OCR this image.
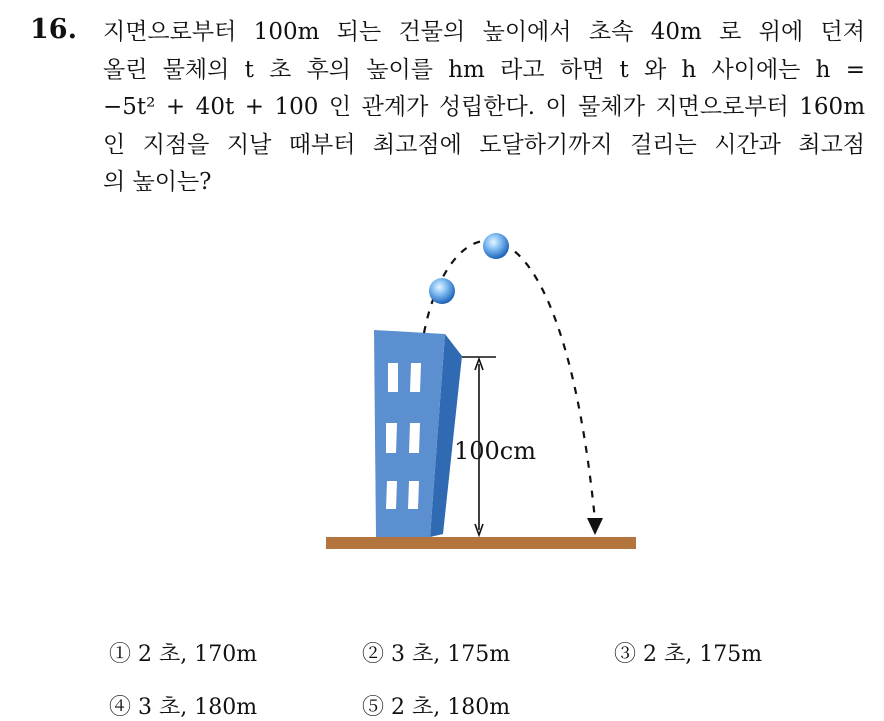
16. 지면으로부터 100m 되는 건물의 높이에서 초속 40m 로 위에 던져
올린 물체의 t 초 후의 높이를 hm 라고 하면 t 와 h 사이에는 h =
−5t² + 40t + 100 인 관계가 성립한다. 이 물체가 지면으로부터 160m
인 지점을 지날 때부터 최고점에 도달하기까지 걸리는 시간과 최고점
의 높이는?
100cm
① 2 초, 170m	② 3 초, 175m	③ 2 초, 175m
④ 3 초, 180m	⑤ 2 초, 180m
